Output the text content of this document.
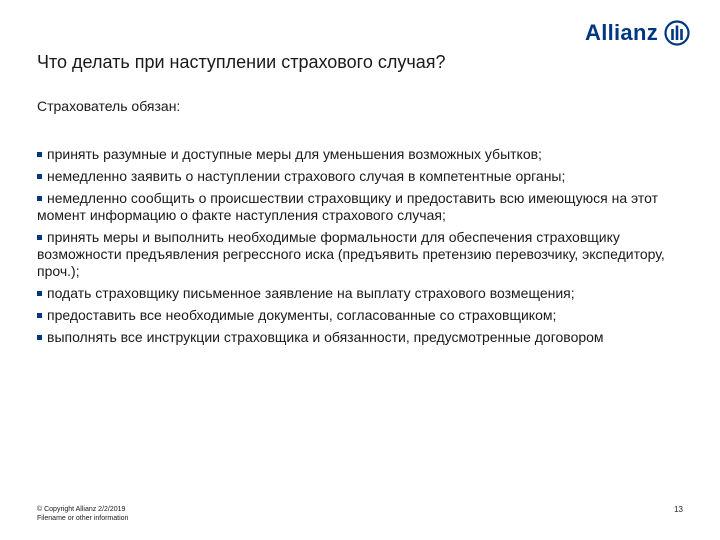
Allianz
Что делать при наступлении страхового случая?

Страхователь обязан:

принять разумные и доступные меры для уменьшения возможных убытков;
немедленно заявить о наступлении страхового случая в компетентные органы;
немедленно сообщить о происшествии страховщику и предоставить всю имеющуюся на этот момент информацию о факте наступления страхового случая;
принять меры и выполнить необходимые формальности для обеспечения страховщику возможности предъявления регрессного иска (предъявить претензию перевозчику, экспедитору, проч.);
подать страховщику письменное заявление на выплату страхового возмещения;
предоставить все необходимые документы, согласованные со страховщиком;
выполнять все инструкции страховщика и обязанности, предусмотренные договором
© Copyright Allianz 2/2/2019
Filename or other information
13
